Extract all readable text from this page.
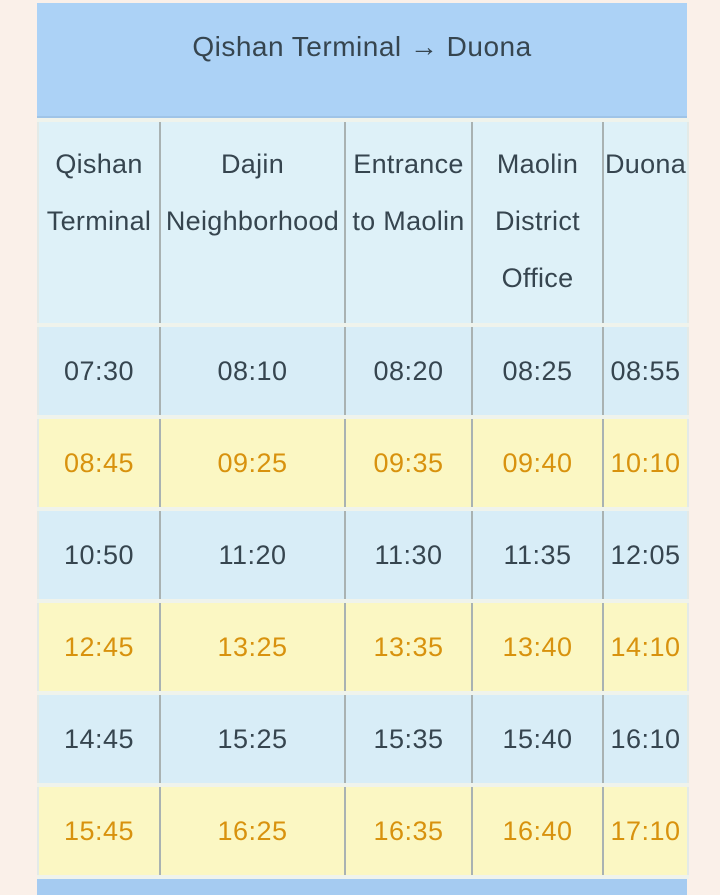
Qishan Terminal → Duona
Qishan Terminal	Dajin Neighborhood	Entrance to Maolin	Maolin District Office	Duona
07:30	08:10	08:20	08:25	08:55
08:45	09:25	09:35	09:40	10:10
10:50	11:20	11:30	11:35	12:05
12:45	13:25	13:35	13:40	14:10
14:45	15:25	15:35	15:40	16:10
15:45	16:25	16:35	16:40	17:10
